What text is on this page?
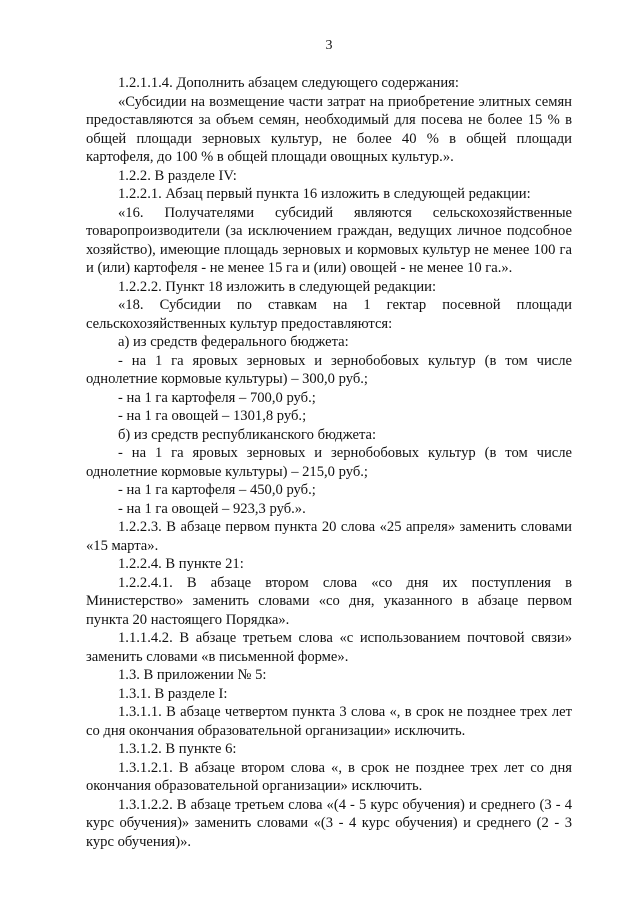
3

1.2.1.1.4. Дополнить абзацем следующего содержания:

«Субсидии на возмещение части затрат на приобретение элитных семян предоставляются за объем семян, необходимый для посева не более 15 % в общей площади зерновых культур, не более 40 % в общей площади картофеля, до 100 % в общей площади овощных культур.».

1.2.2. В разделе IV:

1.2.2.1. Абзац первый пункта 16 изложить в следующей редакции:

«16. Получателями субсидий являются сельскохозяйственные товаропроизводители (за исключением граждан, ведущих личное подсобное хозяйство), имеющие площадь зерновых и кормовых культур не менее 100 га и (или) картофеля - не менее 15 га и (или) овощей - не менее 10 га.».

1.2.2.2. Пункт 18 изложить в следующей редакции:

«18. Субсидии по ставкам на 1 гектар посевной площади сельскохозяйственных культур предоставляются:

а) из средств федерального бюджета:

- на 1 га яровых зерновых и зернобобовых культур (в том числе однолетние кормовые культуры) – 300,0 руб.;

- на 1 га картофеля – 700,0 руб.;

- на 1 га овощей – 1301,8 руб.;

б) из средств республиканского бюджета:

- на 1 га яровых зерновых и зернобобовых культур (в том числе однолетние кормовые культуры) – 215,0 руб.;

- на 1 га картофеля – 450,0 руб.;

- на 1 га овощей – 923,3 руб.».

1.2.2.3. В абзаце первом пункта 20 слова «25 апреля» заменить словами «15 марта».

1.2.2.4. В пункте 21:

1.2.2.4.1. В абзаце втором слова «со дня их поступления в Министерство» заменить словами «со дня, указанного в абзаце первом пункта 20 настоящего Порядка».

1.1.1.4.2. В абзаце третьем слова «с использованием почтовой связи» заменить словами «в письменной форме».

1.3. В приложении № 5:

1.3.1. В разделе I:

1.3.1.1. В абзаце четвертом пункта 3 слова «, в срок не позднее трех лет со дня окончания образовательной организации» исключить.

1.3.1.2. В пункте 6:

1.3.1.2.1. В абзаце втором слова «, в срок не позднее трех лет со дня окончания образовательной организации» исключить.

1.3.1.2.2. В абзаце третьем слова «(4 - 5 курс обучения) и среднего (3 - 4 курс обучения)» заменить словами «(3 - 4 курс обучения) и среднего (2 - 3 курс обучения)».
